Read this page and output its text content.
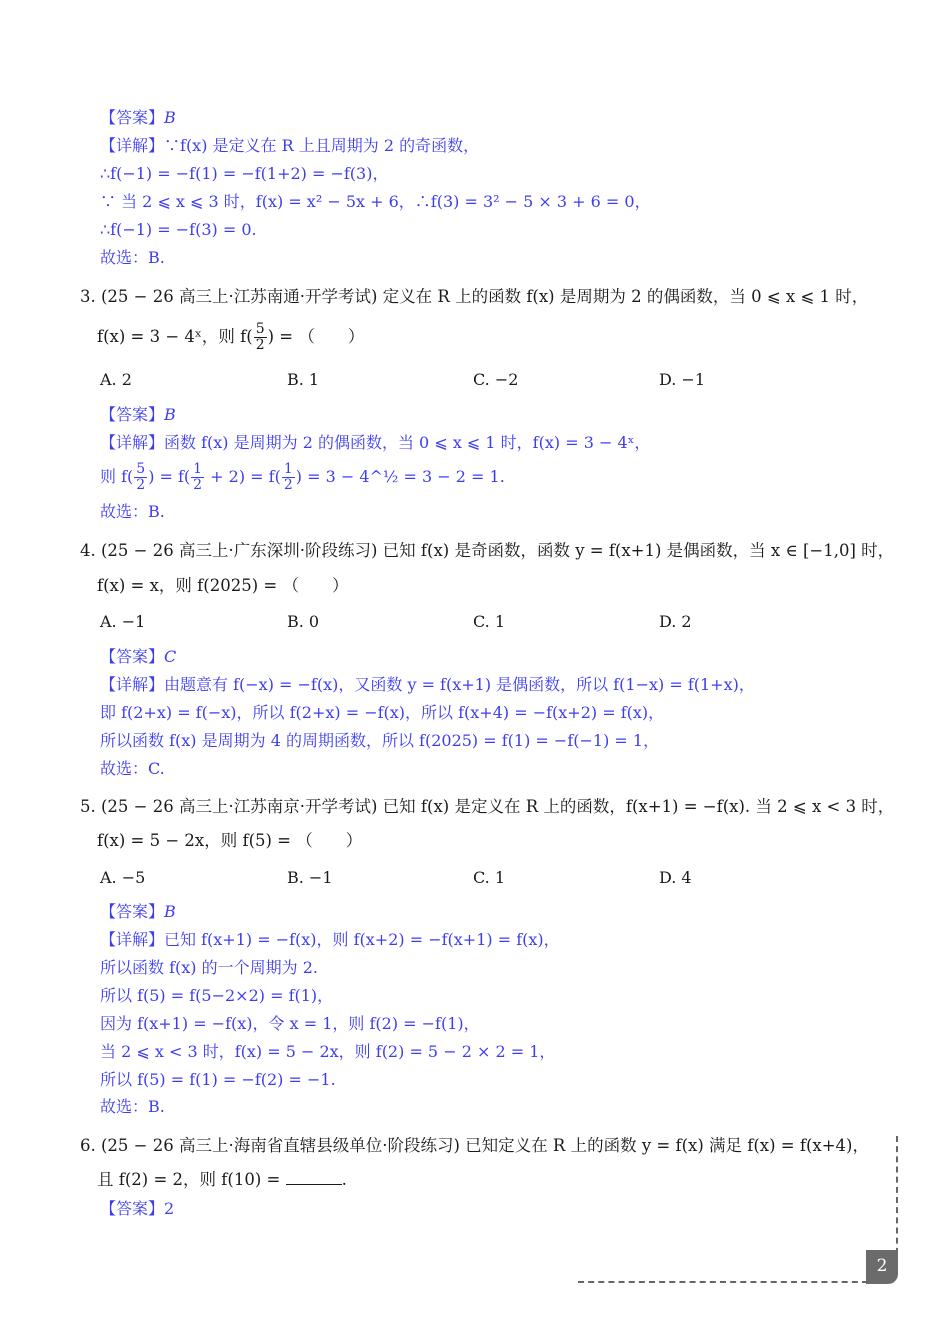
【答案】B
【详解】∵f(x) 是定义在 R 上且周期为 2 的奇函数，
∴f(−1) = −f(1) = −f(1+2) = −f(3)，
∵ 当 2 ⩽ x ⩽ 3 时，f(x) = x² − 5x + 6，∴f(3) = 3² − 5 × 3 + 6 = 0，
∴f(−1) = −f(3) = 0.
故选：B.
3. (25 − 26 高三上·江苏南通·开学考试) 定义在 R 上的函数 f(x) 是周期为 2 的偶函数，当 0 ⩽ x ⩽ 1 时，
f(x) = 3 − 4ˣ，则 $f( \frac{5}{2}$ ) = （　　）
A. 2	B. 1	C. −2	D. −1
【答案】B
【详解】函数 f(x) 是周期为 2 的偶函数，当 0 ⩽ x ⩽ 1 时，f(x) = 3 − 4ˣ，
则 $f( \frac{5}{2}$ ) = $f( \frac{1}{2} + 2) = f( \frac{1}{2}$ ) = 3 − 4^½ = 3 − 2 = 1.
故选：B.
4. (25 − 26 高三上·广东深圳·阶段练习) 已知 f(x) 是奇函数，函数 y = f(x+1) 是偶函数，当 x ∈ [−1,0] 时，
f(x) = x，则 f(2025) = （　　）
A. −1	B. 0	C. 1	D. 2
【答案】C
【详解】由题意有 f(−x) = −f(x)，又函数 y = f(x+1) 是偶函数，所以 f(1−x) = f(1+x)，
即 f(2+x) = f(−x)，所以 f(2+x) = −f(x)，所以 f(x+4) = −f(x+2) = f(x)，
所以函数 f(x) 是周期为 4 的周期函数，所以 f(2025) = f(1) = −f(−1) = 1，
故选：C.
5. (25 − 26 高三上·江苏南京·开学考试) 已知 f(x) 是定义在 R 上的函数，f(x+1) = −f(x). 当 2 ⩽ x < 3 时，
f(x) = 5 − 2x，则 f(5) = （　　）
A. −5	B. −1	C. 1	D. 4
【答案】B
【详解】已知 f(x+1) = −f(x)，则 f(x+2) = −f(x+1) = f(x)，
所以函数 f(x) 的一个周期为 2.
所以 f(5) = f(5−2×2) = f(1)，
因为 f(x+1) = −f(x)，令 x = 1，则 f(2) = −f(1)，
当 2 ⩽ x < 3 时，f(x) = 5 − 2x，则 f(2) = 5 − 2 × 2 = 1，
所以 f(5) = f(1) = −f(2) = −1.
故选：B.
6. (25 − 26 高三上·海南省直辖县级单位·阶段练习) 已知定义在 R 上的函数 y = f(x) 满足 f(x) = f(x+4)，
且 f(2) = 2，则 f(10) =	.
【答案】2
2
